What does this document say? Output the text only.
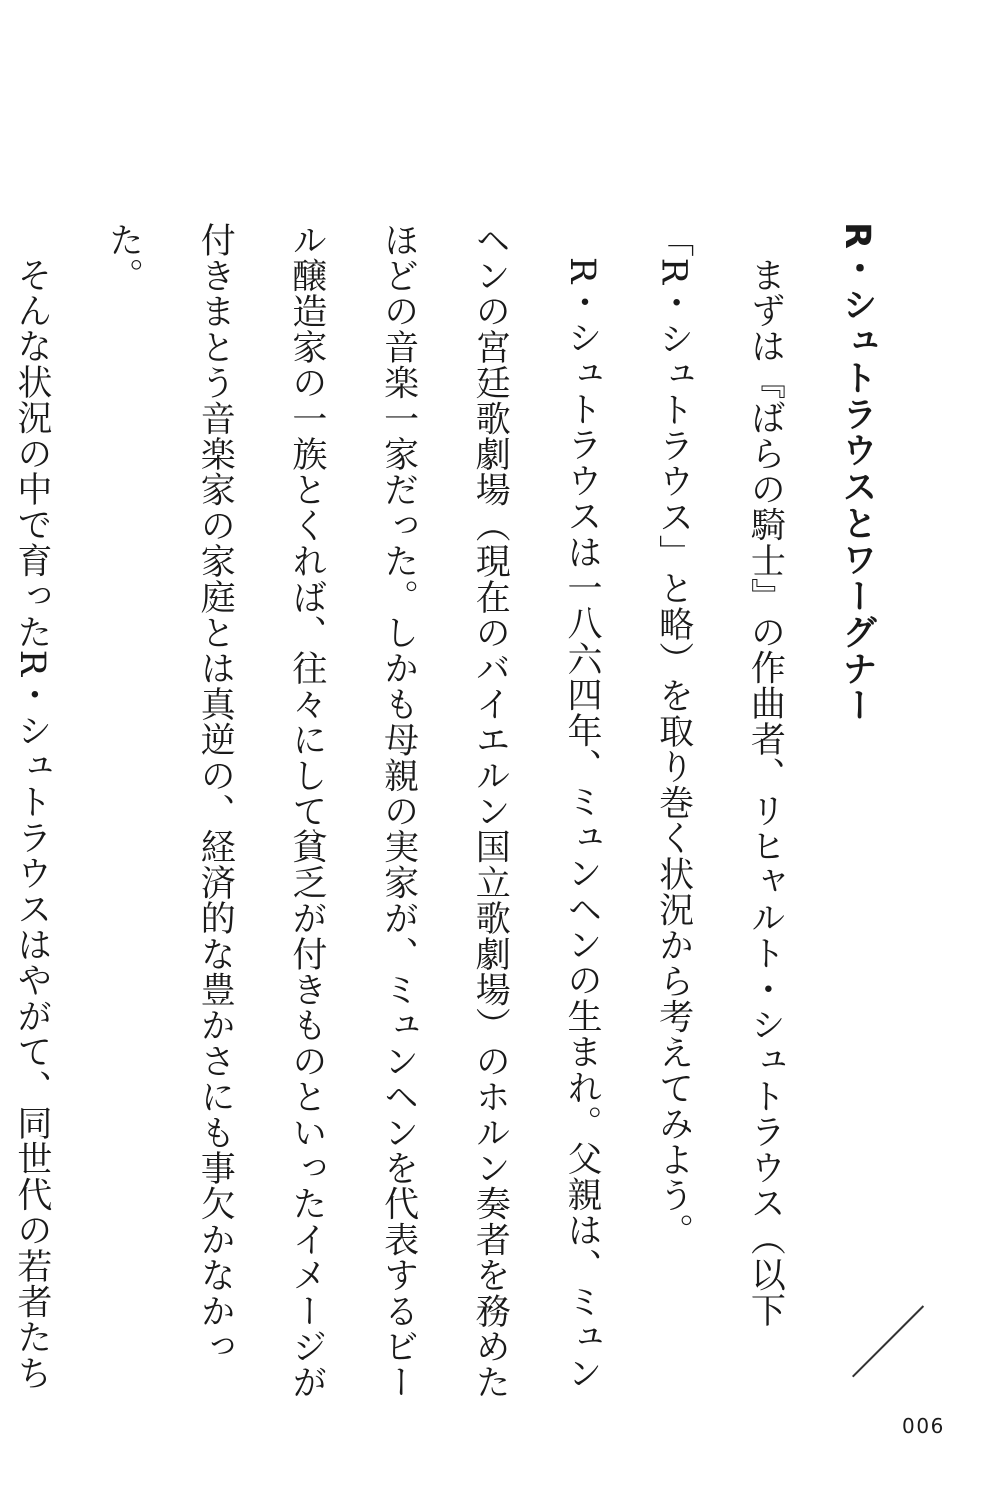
R・シュトラウスとワーグナー

まずは『ばらの騎士』の作曲者、リヒャルト・シュトラウス（以下「R・シュトラウス」と略）を取り巻く状況から考えてみよう。

R・シュトラウスは一八六四年、ミュンヘンの生まれ。父親は、ミュンヘンの宮廷歌劇場（現在のバイエルン国立歌劇場）のホルン奏者を務めたほどの音楽一家だった。しかも母親の実家が、ミュンヘンを代表するビール醸造家の一族とくれば、往々にして貧乏が付きものといったイメージが付きまとう音楽家の家庭とは真逆の、経済的な豊かさにも事欠かなかった。

そんな状況の中で育ったR・シュトラウスはやがて、同世代の若者たち

006
